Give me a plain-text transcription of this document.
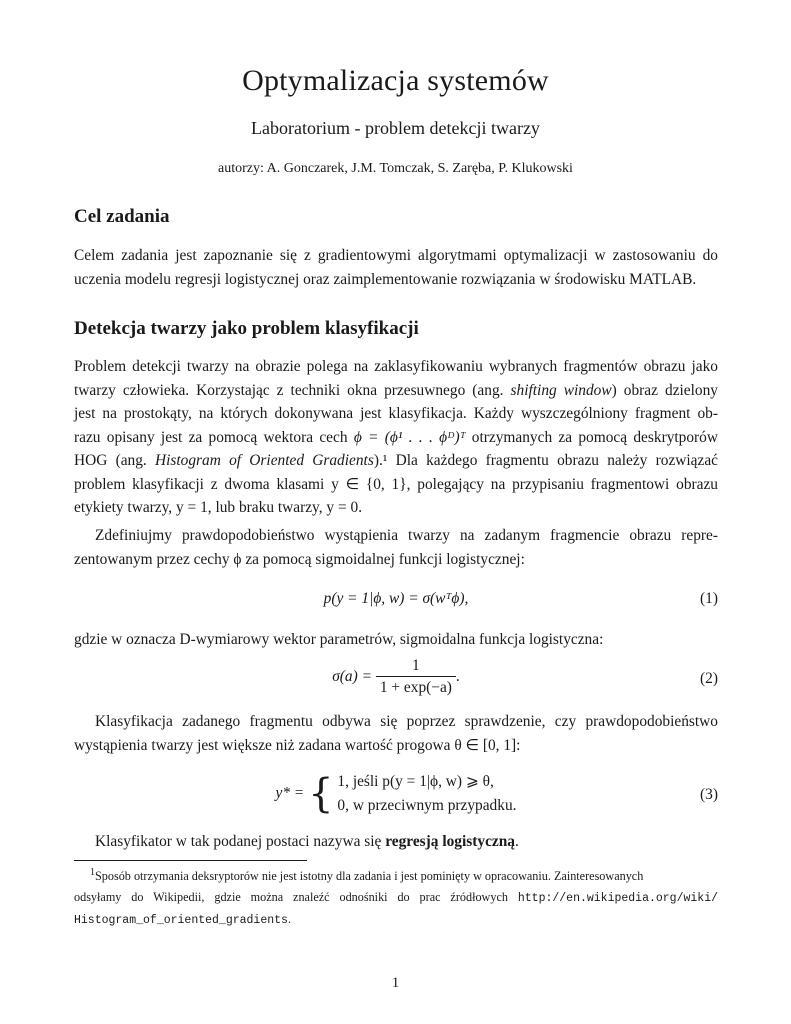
Optymalizacja systemów
Laboratorium - problem detekcji twarzy
autorzy: A. Gonczarek, J.M. Tomczak, S. Zaręba, P. Klukowski
Cel zadania
Celem zadania jest zapoznanie się z gradientowymi algorytmami optymalizacji w zastosowaniu do
uczenia modelu regresji logistycznej oraz zaimplementowanie rozwiązania w środowisku MATLAB.
Detekcja twarzy jako problem klasyfikacji
Problem detekcji twarzy na obrazie polega na zaklasyfikowaniu wybranych fragmentów obrazu jako
twarzy człowieka. Korzystając z techniki okna przesuwnego (ang. shifting window) obraz dzielony
jest na prostokąty, na których dokonywana jest klasyfikacja. Każdy wyszczególniony fragment ob-
razu opisany jest za pomocą wektora cech ϕ = (ϕ¹ . . . ϕᴰ)ᵀ otrzymanych za pomocą deskrytporów
HOG (ang. Histogram of Oriented Gradients).¹ Dla każdego fragmentu obrazu należy rozwiązać
problem klasyfikacji z dwoma klasami y ∈ {0, 1}, polegający na przypisaniu fragmentowi obrazu
etykiety twarzy, y = 1, lub braku twarzy, y = 0.
Zdefiniujmy prawdopodobieństwo wystąpienia twarzy na zadanym fragmencie obrazu repre-
zentowanym przez cechy ϕ za pomocą sigmoidalnej funkcji logistycznej:
p(y = 1|ϕ, w) = σ(wᵀϕ),	(1)
gdzie w oznacza D-wymiarowy wektor parametrów, sigmoidalna funkcja logistyczna:
$\sigma(a) = \frac{1}{1 + \exp(-a)}$ .	(2)
Klasyfikacja zadanego fragmentu odbywa się poprzez sprawdzenie, czy prawdopodobieństwo
wystąpienia twarzy jest większe niż zadana wartość progowa θ ∈ [0, 1]:
y* = { 1, jeśli p(y = 1|ϕ, w) ⩾ θ,
0, w przeciwnym przypadku.
(3)
Klasyfikator w tak podanej postaci nazywa się regresją logistyczną.
$^1$Sposób otrzymania deksryptorów nie jest istotny dla zadania i jest pominięty w opracowaniu. Zainteresowanych
odsyłamy do Wikipedii, gdzie można znaleźć odnośniki do prac źródłowych http://en.wikipedia.org/wiki/
Histogram_of_oriented_gradients.
1
